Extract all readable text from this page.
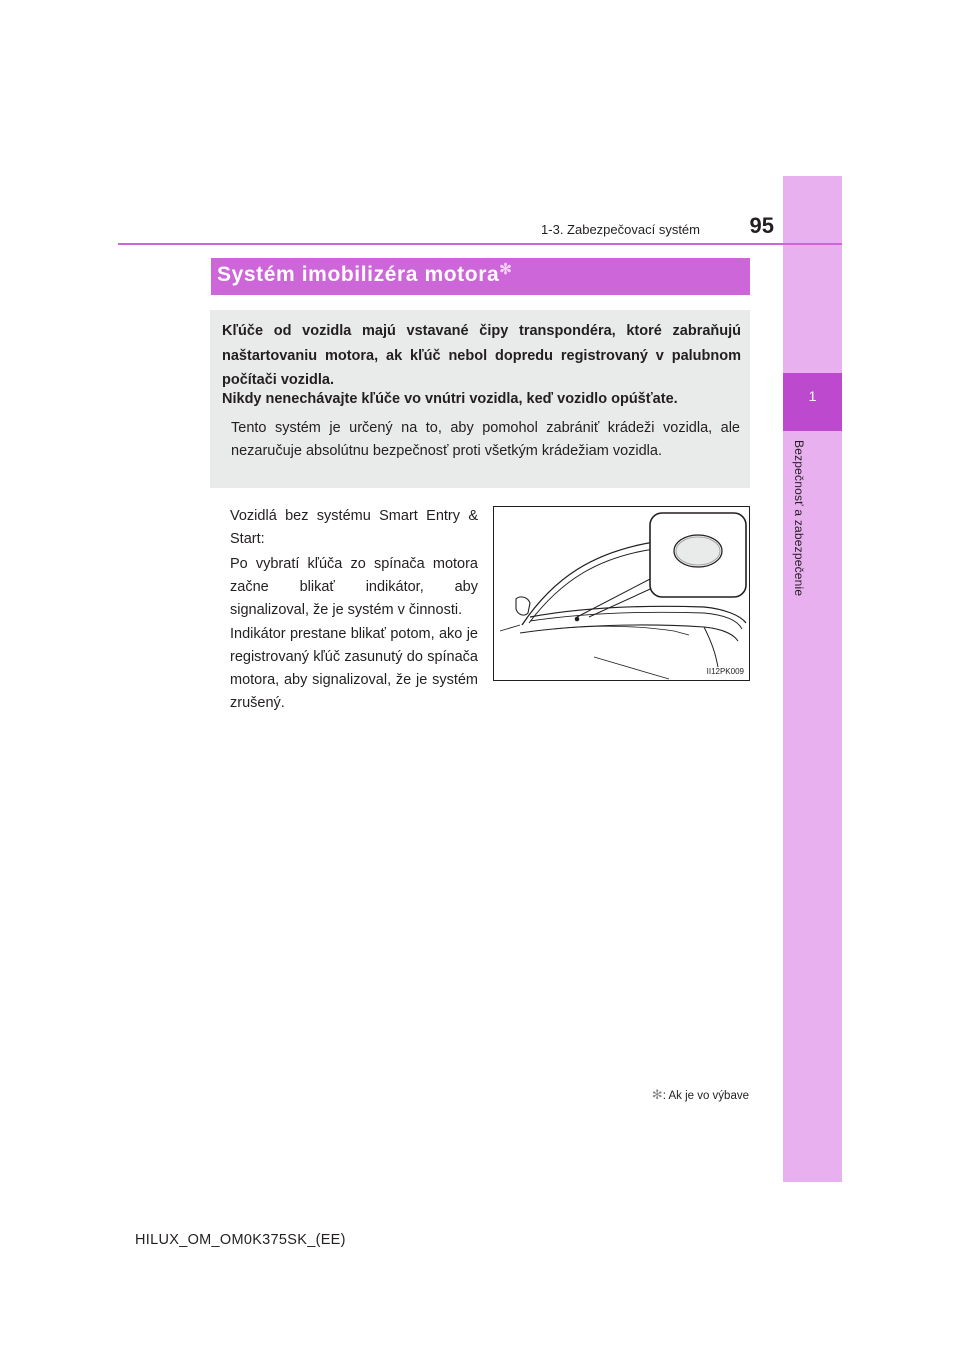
1
Bezpečnosť a zabezpečenie
1-3. Zabezpečovací systém	95
Systém imobilizéra motora✻
Kľúče od vozidla majú vstavané čipy transpondéra, ktoré zabraňujú naštartovaniu motora, ak kľúč nebol dopredu registrovaný v palubnom počítači vozidla.
Nikdy nenechávajte kľúče vo vnútri vozidla, keď vozidlo opúšťate.
Tento systém je určený na to, aby pomohol zabrániť krádeži vozidla, ale nezaručuje absolútnu bezpečnosť proti všetkým krádežiam vozidla.
Vozidlá bez systému Smart Entry & Start:
Po vybratí kľúča zo spínača motora začne blikať indikátor, aby signalizoval, že je systém v činnosti.
Indikátor prestane blikať potom, ako je registrovaný kľúč zasunutý do spínača motora, aby signalizoval, že je systém zrušený.
II12PK009
✻: Ak je vo výbave
HILUX_OM_OM0K375SK_(EE)
